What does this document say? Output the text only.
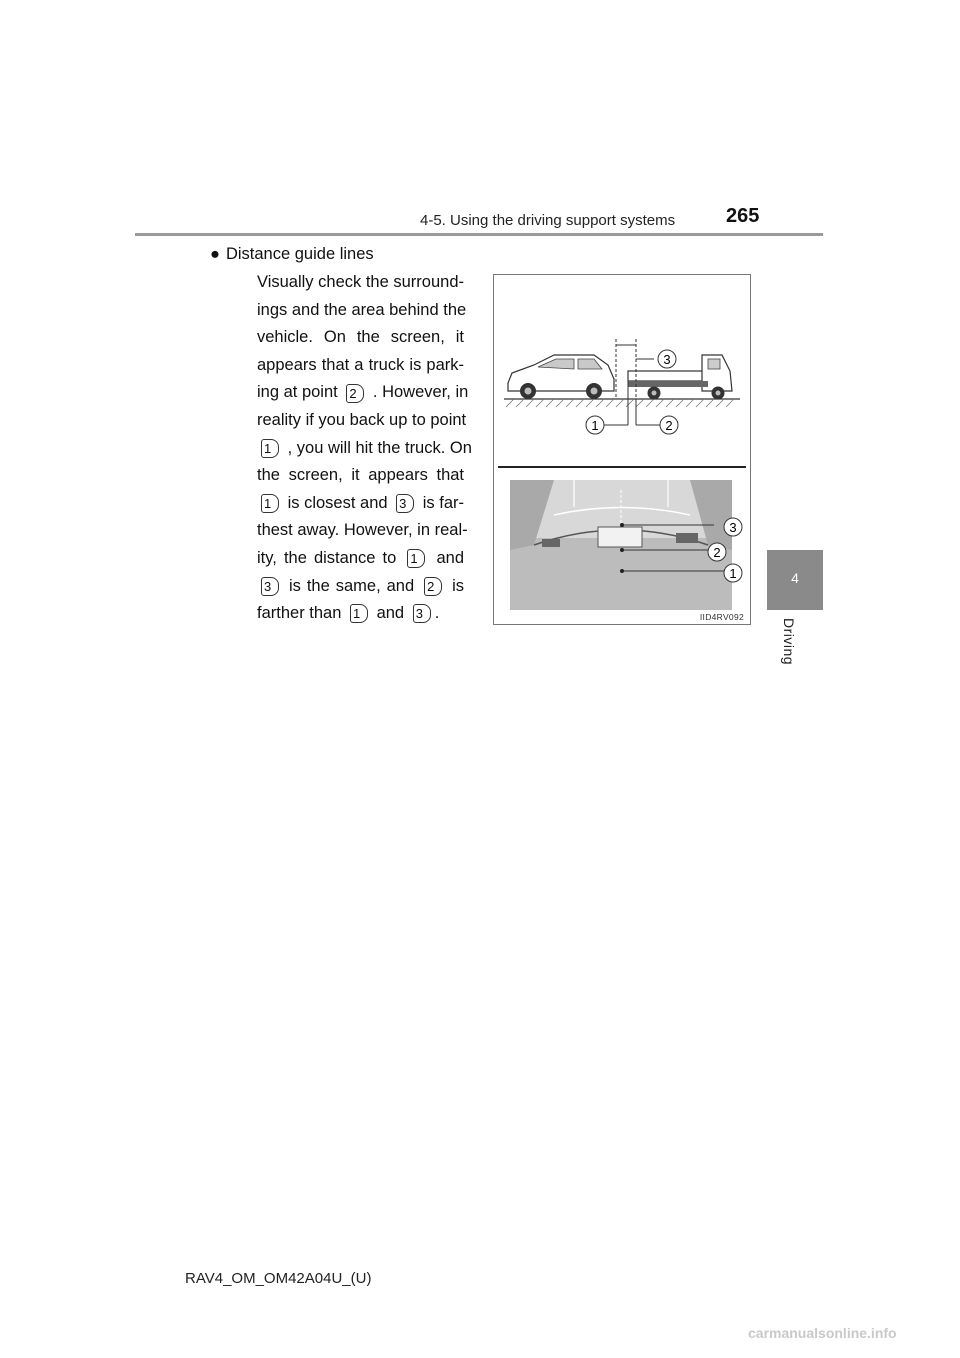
4-5. Using the driving support systems	265
4
Driving
● Distance guide lines
Visually check the surround-
ings and the area behind the
vehicle. On the screen, it
appears that a truck is park-
ing at point 2 . However, in
reality if you back up to point
1 , you will hit the truck. On
the screen, it appears that
1 is closest and 3 is far-
thest away. However, in real-
ity, the distance to 1 and
3 is the same, and 2 is
farther than 1 and 3 .
3
1	2
3
2
1
IID4RV092
RAV4_OM_OM42A04U_(U)
carmanualsonline.info
